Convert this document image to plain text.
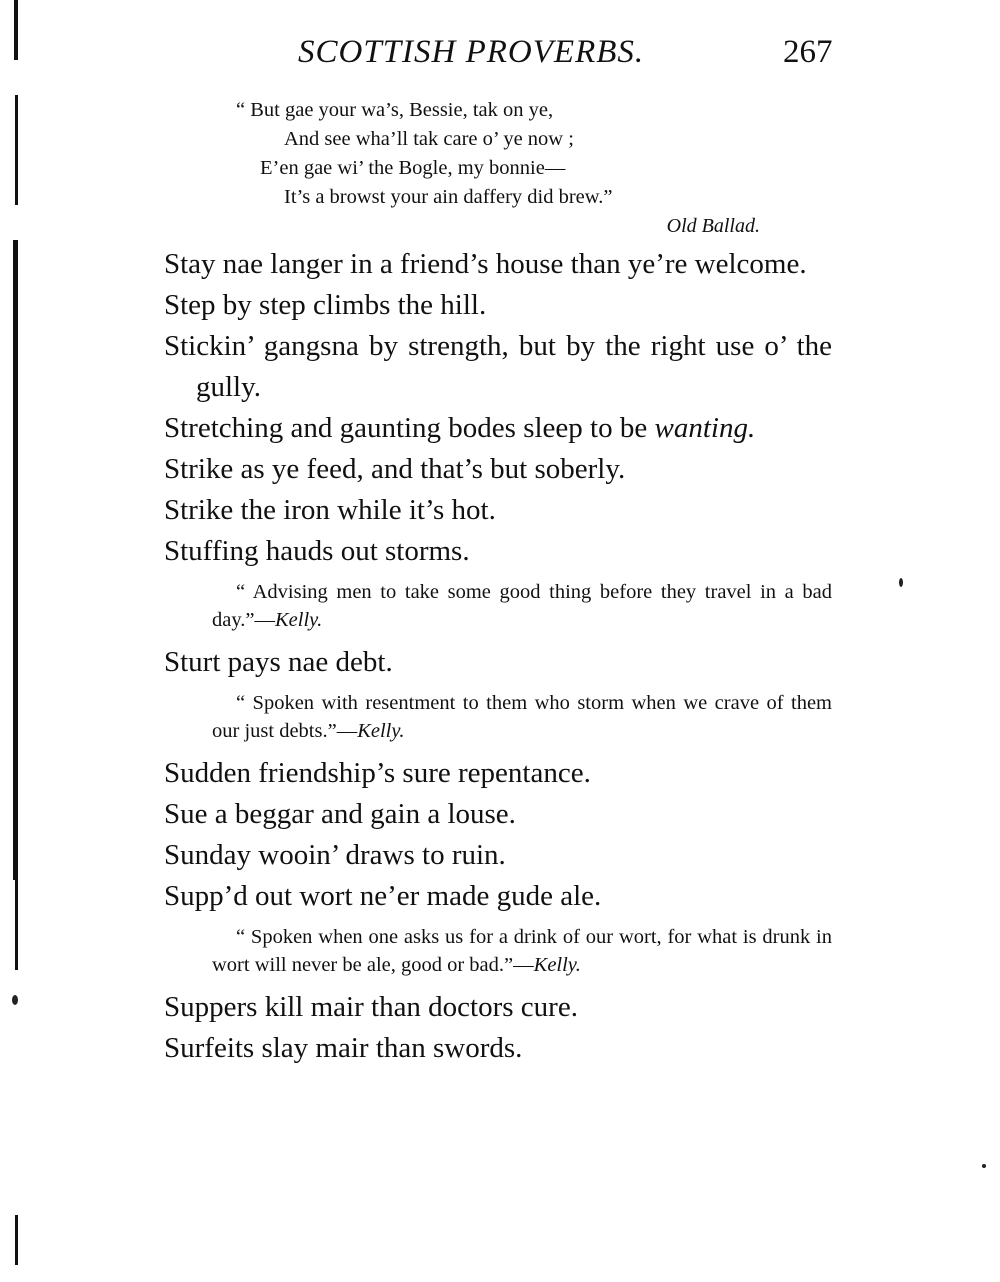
SCOTTISH PROVERBS.	267
“ But gae your wa’s, Bessie, tak on ye,
And see wha’ll tak care o’ ye now ;
E’en gae wi’ the Bogle, my bonnie—
It’s a browst your ain daffery did brew.”
Old Ballad.

Stay nae langer in a friend’s house than ye’re welcome.

Step by step climbs the hill.

Stickin’ gangsna by strength, but by the right use o’ the gully.

Stretching and gaunting bodes sleep to be wanting.

Strike as ye feed, and that’s but soberly.

Strike the iron while it’s hot.

Stuffing hauds out storms.

“ Advising men to take some good thing before they travel in a bad day.”—Kelly.

Sturt pays nae debt.

“ Spoken with resentment to them who storm when we crave of them our just debts.”—Kelly.

Sudden friendship’s sure repentance.

Sue a beggar and gain a louse.

Sunday wooin’ draws to ruin.

Supp’d out wort ne’er made gude ale.

“ Spoken when one asks us for a drink of our wort, for what is drunk in wort will never be ale, good or bad.”—Kelly.

Suppers kill mair than doctors cure.

Surfeits slay mair than swords.
